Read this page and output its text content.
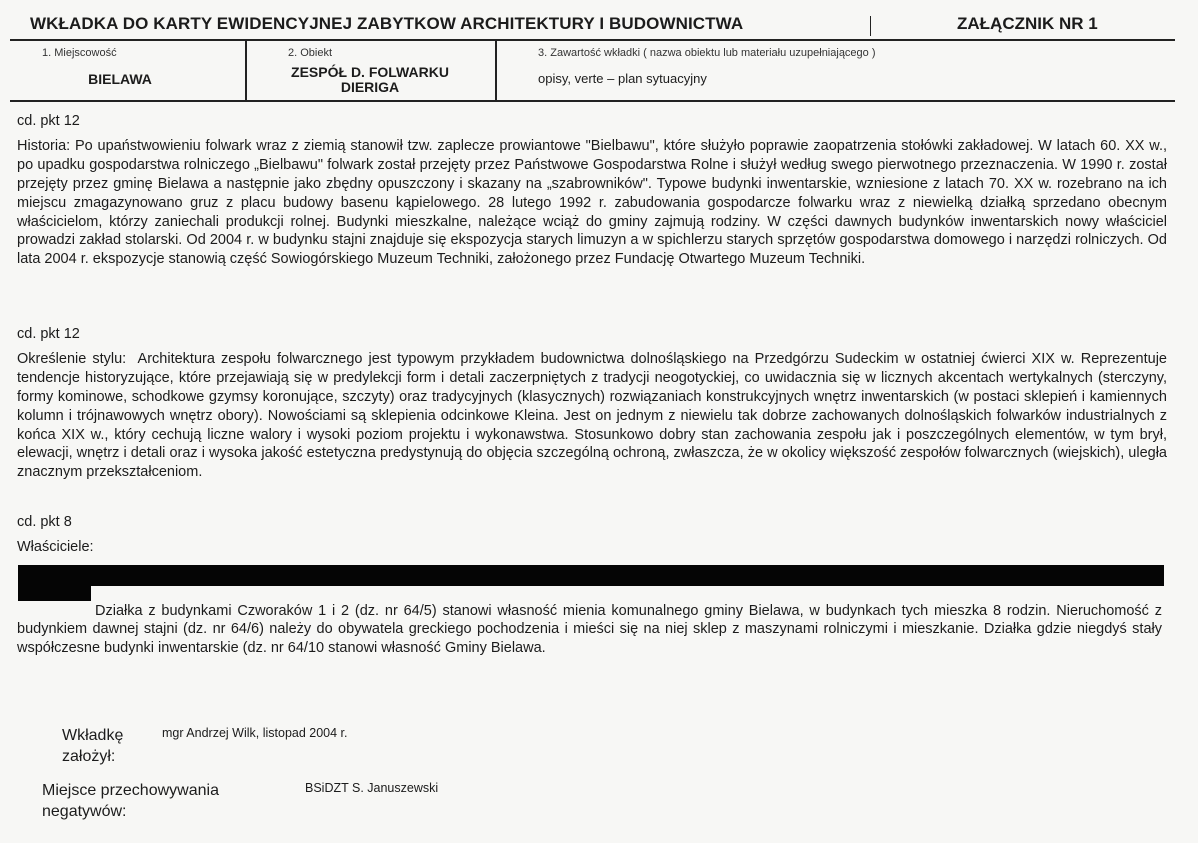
WKŁADKA DO KARTY EWIDENCYJNEJ ZABYTKOW ARCHITEKTURY I BUDOWNICTWA	ZAŁĄCZNIK NR 1
1. Miejscowość
BIELAWA
2. Obiekt
ZESPÓŁ D. FOLWARKU
DIERIGA
3. Zawartość wkładki ( nazwa obiektu lub materiału uzupełniającego )
opisy, verte – plan sytuacyjny

cd. pkt 12

Historia: Po upaństwowieniu folwark wraz z ziemią stanowił tzw. zaplecze prowiantowe "Bielbawu", które służyło poprawie zaopatrzenia stołówki zakładowej. W latach 60. XX w., po upadku gospodarstwa rolniczego „Bielbawu" folwark został przejęty przez Państwowe Gospodarstwa Rolne i służył według swego pierwotnego przeznaczenia. W 1990 r. został przejęty przez gminę Bielawa a następnie jako zbędny opuszczony i skazany na „szabrowników". Typowe budynki inwentarskie, wzniesione z latach 70. XX w. rozebrano na ich miejscu zmagazynowano gruz z placu budowy basenu kąpielowego. 28 lutego 1992 r. zabudowania gospodarcze folwarku wraz z niewielką działką sprzedano obecnym właścicielom, którzy zaniechali produkcji rolnej. Budynki mieszkalne, należące wciąż do gminy zajmują rodziny. W części dawnych budynków inwentarskich nowy właściciel prowadzi zakład stolarski. Od 2004 r. w budynku stajni znajduje się ekspozycja starych limuzyn a w spichlerzu starych sprzętów gospodarstwa domowego i narzędzi rolniczych. Od lata 2004 r. ekspozycje stanowią część Sowiogórskiego Muzeum Techniki, założonego przez Fundację Otwartego Muzeum Techniki.

cd. pkt 12

Określenie stylu: Architektura zespołu folwarcznego jest typowym przykładem budownictwa dolnośląskiego na Przedgórzu Sudeckim w ostatniej ćwierci XIX w. Reprezentuje tendencje historyzujące, które przejawiają się w predylekcji form i detali zaczerpniętych z tradycji neogotyckiej, co uwidacznia się w licznych akcentach wertykalnych (sterczyny, formy kominowe, schodkowe gzymsy koronujące, szczyty) oraz tradycyjnych (klasycznych) rozwiązaniach konstrukcyjnych wnętrz inwentarskich (w postaci sklepień i kamiennych kolumn i trójnawowych wnętrz obory). Nowościami są sklepienia odcinkowe Kleina. Jest on jednym z niewielu tak dobrze zachowanych dolnośląskich folwarków industrialnych z końca XIX w., który cechują liczne walory i wysoki poziom projektu i wykonawstwa. Stosunkowo dobry stan zachowania zespołu jak i poszczególnych elementów, w tym brył, elewacji, wnętrz i detali oraz i wysoka jakość estetyczna predystynują do objęcia szczególną ochroną, zwłaszcza, że w okolicy większość zespołów folwarcznych (wiejskich), uległa znacznym przekształceniom.

cd. pkt 8

Właściciele:

Działka z budynkami Czworaków 1 i 2 (dz. nr 64/5) stanowi własność mienia komunalnego gminy Bielawa, w budynkach tych mieszka 8 rodzin. Nieruchomość z budynkiem dawnej stajni (dz. nr 64/6) należy do obywatela greckiego pochodzenia i mieści się na niej sklep z maszynami rolniczymi i mieszkanie. Działka gdzie niegdyś stały współczesne budynki inwentarskie (dz. nr 64/10 stanowi własność Gminy Bielawa.

Wkładkę
założył:
mgr Andrzej Wilk, listopad 2004 r.
Miejsce przechowywania
negatywów:
BSiDZT S. Januszewski
